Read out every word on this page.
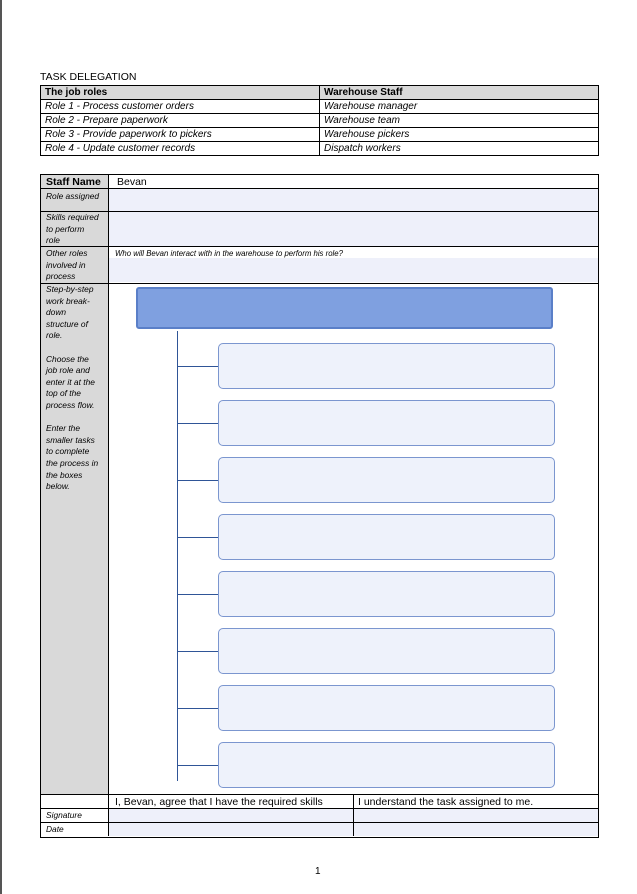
TASK DELEGATION
The job roles	Warehouse Staff
Role 1 - Process customer orders	Warehouse manager
Role 2 - Prepare paperwork	Warehouse team
Role 3 - Provide paperwork to pickers	Warehouse pickers
Role 4 - Update customer records	Dispatch workers
Staff Name Bevan
Role assigned
Skills required
to perform
role
Other roles
involved in
process
Who will Bevan interact with in the warehouse to perform his role?
Step-by-step
work break-
down
structure of
role.

Choose the
job role and
enter it at the
top of the
process flow.

Enter the
smaller tasks
to complete
the process in
the boxes
below.
I, Bevan, agree that I have the required skills	I understand the task assigned to me.
Signature
Date
1
